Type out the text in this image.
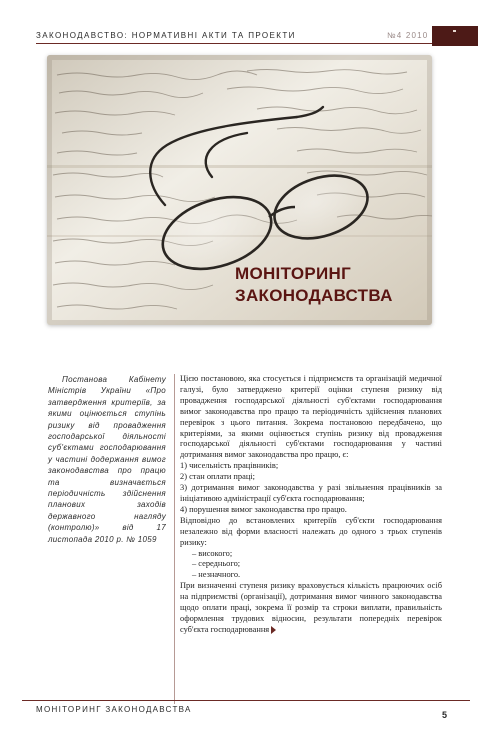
ЗАКОНОДАВСТВО: НОРМАТИВНІ АКТИ ТА ПРОЕКТИ	№4 2010
МОНІТОРИНГ
ЗАКОНОДАВСТВА

Постанова Кабінету Міністрів України «Про затвердження критеріїв, за якими оцінюється ступінь ризику від провадження господарської діяльності суб'єктами господарювання у частині додержання вимог законодавства про працю та визначається періодичність здійснення планових заходів державного нагляду (контролю)» від 17 листопада 2010 р. № 1059

Цією постановою, яка стосується і підприємств та організацій медичної галузі, було затверджено критерії оцінки ступеня ризику від провадження господарської діяльності суб'єктами господарювання вимог законодавства про працю та періодичність здійснення планових перевірок з цього питання. Зокрема постановою передбачено, що критеріями, за якими оцінюється ступінь ризику від провадження господарської діяльності суб'єктами господарювання у частині дотримання вимог законодавства про працю, є:

1) чисельність працівників;

2) стан оплати праці;

3) дотримання вимог законодавства у разі звільнення працівників за ініціативою адміністрації суб'єкта господарювання;

4) порушення вимог законодавства про працю.

Відповідно до встановлених критеріїв суб'єкти господарювання незалежно від форми власності належать до одного з трьох ступенів ризику:

– високого;

– середнього;

– незначного.

При визначенні ступеня ризику враховується кількість працюючих осіб на підприємстві (організації), дотримання вимог чинного законодавства щодо оплати праці, зокрема її розмір та строки виплати, правильність оформлення трудових відносин, результати попередніх перевірок суб'єкта господарювання

МОНІТОРИНГ ЗАКОНОДАВСТВА
5
